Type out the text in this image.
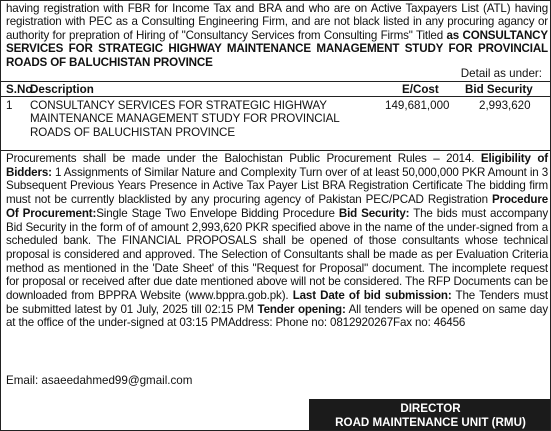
having registration with FBR for Income Tax and BRA and who are on Active Taxpayers List (ATL) having registration with PEC as a Consulting Engineering Firm, and are not black listed in any procuring agancy or authority for prepration of Hiring of "Consultancy Services from Consulting Firms" Titled as CONSULTANCY SERVICES FOR STRATEGIC HIGHWAY MAINTENANCE MANAGEMENT STUDY FOR PROVINCIAL ROADS OF BALUCHISTAN PROVINCE
Detail as under:
S.No.
Description	E/Cost Bid Security
1 CONSULTANCY SERVICES FOR STRATEGIC HIGHWAY MAINTENANCE MANAGEMENT STUDY FOR PROVINCIAL ROADS OF BALUCHISTAN PROVINCE
149,681,000	2,993,620
Procurements shall be made under the Balochistan Public Procurement Rules – 2014. Eligibility of Bidders: 1 Assignments of Similar Nature and Complexity Turn over of at least 50,000,000 PKR Amount in 3 Subsequent Previous Years Presence in Active Tax Payer List BRA Registration Certificate The bidding firm must not be currently blacklisted by any procuring agency of Pakistan PEC/PCAD Registration Procedure Of Procurement:Single Stage Two Envelope Bidding Procedure Bid Security: The bids must accompany Bid Security in the form of of amount 2,993,620 PKR specified above in the name of the under-signed from a scheduled bank. The FINANCIAL PROPOSALS shall be opened of those consultants whose technical proposal is considered and approved. The Selection of Consultants shall be made as per Evaluation Criteria method as mentioned in the 'Date Sheet' of this "Request for Proposal" document. The incomplete request for proposal or received after due date mentioned above will not be considered. The RFP Documents can be downloaded from BPPRA Website (www.bppra.gob.pk). Last Date of bid submission: The Tenders must be submitted latest by 01 July, 2025 till 02:15 PM Tender opening: All tenders will be opened on same day at the office of the under-signed at 03:15 PMAddress: Phone no: 0812920267Fax no: 46456
Email: asaeedahmed99@gmail.com
DIRECTOR
ROAD MAINTENANCE UNIT (RMU)
